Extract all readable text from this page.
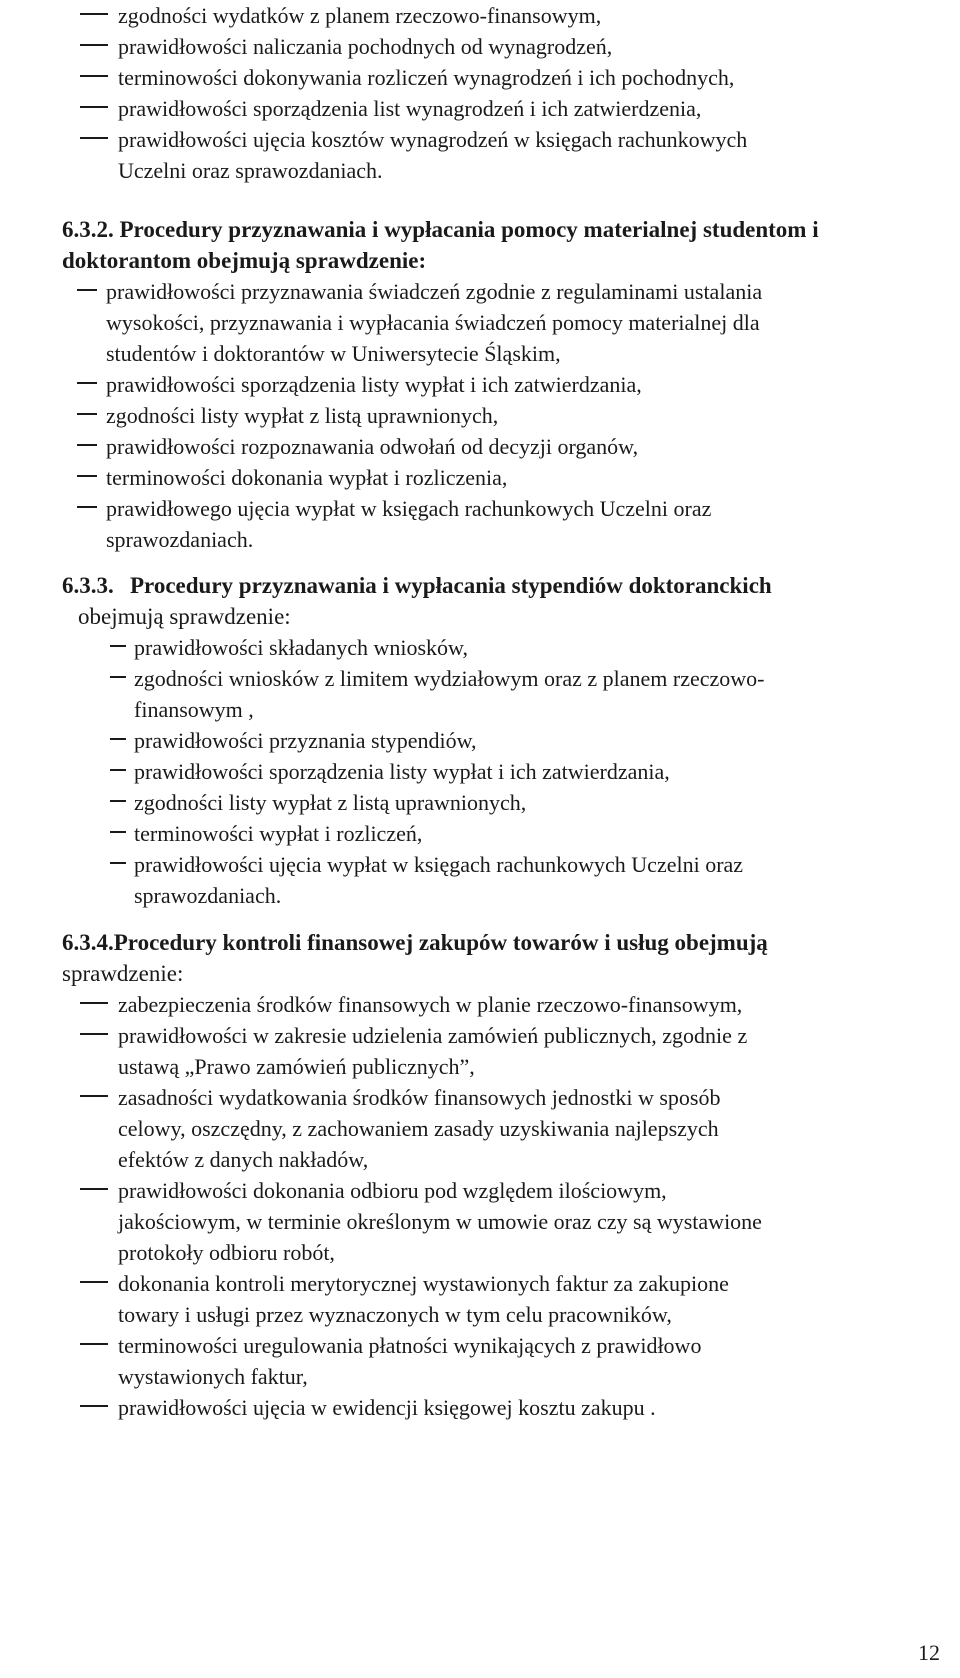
zgodności wydatków z planem rzeczowo-finansowym,
prawidłowości naliczania pochodnych od wynagrodzeń,
terminowości dokonywania rozliczeń wynagrodzeń i ich pochodnych,
prawidłowości sporządzenia list wynagrodzeń i ich zatwierdzenia,
prawidłowości ujęcia kosztów wynagrodzeń w księgach rachunkowych
Uczelni oraz sprawozdaniach.
6.3.2. Procedury przyznawania i wypłacania pomocy materialnej studentom i
doktorantom obejmują sprawdzenie:
prawidłowości przyznawania świadczeń zgodnie z regulaminami ustalania
wysokości, przyznawania i wypłacania świadczeń pomocy materialnej dla
studentów i doktorantów w Uniwersytecie Śląskim,
prawidłowości sporządzenia listy wypłat i ich zatwierdzania,
zgodności listy wypłat z listą uprawnionych,
prawidłowości rozpoznawania odwołań od decyzji organów,
terminowości dokonania wypłat i rozliczenia,
prawidłowego ujęcia wypłat w księgach rachunkowych Uczelni oraz
sprawozdaniach.
6.3.3. Procedury przyznawania i wypłacania stypendiów doktoranckich
obejmują sprawdzenie:
prawidłowości składanych wniosków,
zgodności wniosków z limitem wydziałowym oraz z planem rzeczowo-
finansowym ,
prawidłowości przyznania stypendiów,
prawidłowości sporządzenia listy wypłat i ich zatwierdzania,
zgodności listy wypłat z listą uprawnionych,
terminowości wypłat i rozliczeń,
prawidłowości ujęcia wypłat w księgach rachunkowych Uczelni oraz
sprawozdaniach.
6.3.4.Procedury kontroli finansowej zakupów towarów i usług obejmują
sprawdzenie:
zabezpieczenia środków finansowych w planie rzeczowo-finansowym,
prawidłowości w zakresie udzielenia zamówień publicznych, zgodnie z
ustawą „Prawo zamówień publicznych”,
zasadności wydatkowania środków finansowych jednostki w sposób
celowy, oszczędny, z zachowaniem zasady uzyskiwania najlepszych
efektów z danych nakładów,
prawidłowości dokonania odbioru pod względem ilościowym,
jakościowym, w terminie określonym w umowie oraz czy są wystawione
protokoły odbioru robót,
dokonania kontroli merytorycznej wystawionych faktur za zakupione
towary i usługi przez wyznaczonych w tym celu pracowników,
terminowości uregulowania płatności wynikających z prawidłowo
wystawionych faktur,
prawidłowości ujęcia w ewidencji księgowej kosztu zakupu .
12
